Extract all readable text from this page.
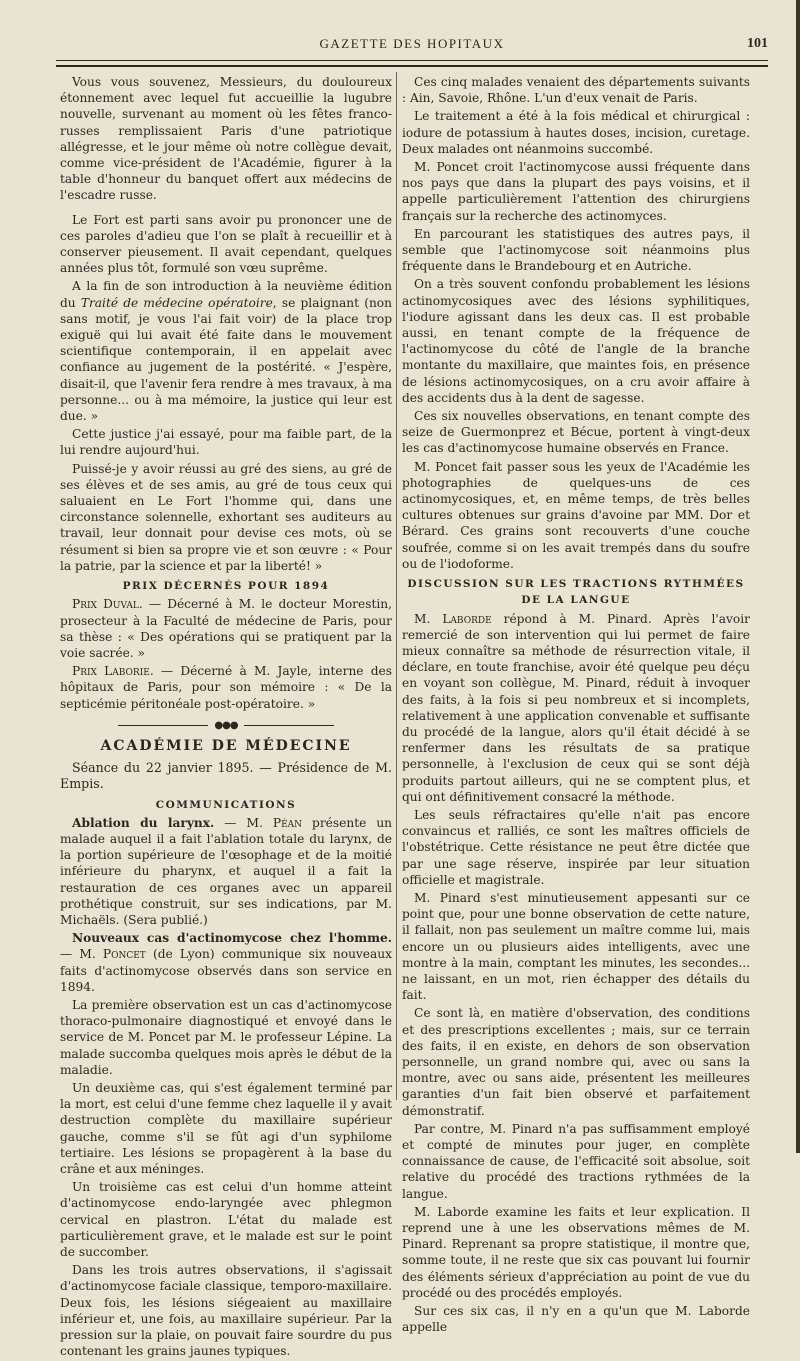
GAZETTE DES HOPITAUX	101

Vous vous souvenez, Messieurs, du douloureux étonnement avec lequel fut accueillie la lugubre nouvelle, survenant au moment où les fêtes franco-russes remplissaient Paris d'une patriotique allégresse, et le jour même où notre collègue devait, comme vice-président de l'Académie, figurer à la table d'honneur du banquet offert aux médecins de l'escadre russe.

Le Fort est parti sans avoir pu prononcer une de ces paroles d'adieu que l'on se plaît à recueillir et à conserver pieusement. Il avait cependant, quelques années plus tôt, formulé son vœu suprême.

A la fin de son introduction à la neuvième édition du Traité de médecine opératoire, se plaignant (non sans motif, je vous l'ai fait voir) de la place trop exiguë qui lui avait été faite dans le mouvement scientifique contemporain, il en appelait avec confiance au jugement de la postérité. « J'espère, disait-il, que l'avenir fera rendre à mes travaux, à ma personne... ou à ma mémoire, la justice qui leur est due. »

Cette justice j'ai essayé, pour ma faible part, de la lui rendre aujourd'hui.

Puissé-je y avoir réussi au gré des siens, au gré de ses élèves et de ses amis, au gré de tous ceux qui saluaient en Le Fort l'homme qui, dans une circonstance solennelle, exhortant ses auditeurs au travail, leur donnait pour devise ces mots, où se résument si bien sa propre vie et son œuvre : « Pour la patrie, par la science et par la liberté! »

PRIX DÉCERNÉS POUR 1894

Prix Duval. — Décerné à M. le docteur Morestin, prosecteur à la Faculté de médecine de Paris, pour sa thèse : « Des opérations qui se pratiquent par la voie sacrée. »

Prix Laborie. — Décerné à M. Jayle, interne des hôpitaux de Paris, pour son mémoire : « De la septicémie péritonéale post-opératoire. »

●●●
ACADÉMIE DE MÉDECINE

Séance du 22 janvier 1895. — Présidence de M. Empis.

COMMUNICATIONS

Ablation du larynx. — M. Péan présente un malade auquel il a fait l'ablation totale du larynx, de la portion supérieure de l'œsophage et de la moitié inférieure du pharynx, et auquel il a fait la restauration de ces organes avec un appareil prothétique construit, sur ses indications, par M. Michaëls. (Sera publié.)

Nouveaux cas d'actinomycose chez l'homme. — M. Poncet (de Lyon) communique six nouveaux faits d'actinomycose observés dans son service en 1894.

La première observation est un cas d'actinomycose thoraco-pulmonaire diagnostiqué et envoyé dans le service de M. Poncet par M. le professeur Lépine. La malade succomba quelques mois après le début de la maladie.

Un deuxième cas, qui s'est également terminé par la mort, est celui d'une femme chez laquelle il y avait destruction complète du maxillaire supérieur gauche, comme s'il se fût agi d'un syphilome tertiaire. Les lésions se propagèrent à la base du crâne et aux méninges.

Un troisième cas est celui d'un homme atteint d'actinomycose endo-laryngée avec phlegmon cervical en plastron. L'état du malade est particulièrement grave, et le malade est sur le point de succomber.

Dans les trois autres observations, il s'agissait d'actinomycose faciale classique, temporo-maxillaire. Deux fois, les lésions siégeaient au maxillaire inférieur et, une fois, au maxillaire supérieur. Par la pression sur la plaie, on pouvait faire sourdre du pus contenant les grains jaunes typiques.

Ces cinq malades venaient des départements suivants : Ain, Savoie, Rhône. L'un d'eux venait de Paris.

Le traitement a été à la fois médical et chirurgical : iodure de potassium à hautes doses, incision, curetage. Deux malades ont néanmoins succombé.

M. Poncet croit l'actinomycose aussi fréquente dans nos pays que dans la plupart des pays voisins, et il appelle particulièrement l'attention des chirurgiens français sur la recherche des actinomyces.

En parcourant les statistiques des autres pays, il semble que l'actinomycose soit néanmoins plus fréquente dans le Brandebourg et en Autriche.

On a très souvent confondu probablement les lésions actinomycosiques avec des lésions syphilitiques, l'iodure agissant dans les deux cas. Il est probable aussi, en tenant compte de la fréquence de l'actinomycose du côté de l'angle de la branche montante du maxillaire, que maintes fois, en présence de lésions actinomycosiques, on a cru avoir affaire à des accidents dus à la dent de sagesse.

Ces six nouvelles observations, en tenant compte des seize de Guermonprez et Bécue, portent à vingt-deux les cas d'actinomycose humaine observés en France.

M. Poncet fait passer sous les yeux de l'Académie les photographies de quelques-uns de ces actinomycosiques, et, en même temps, de très belles cultures obtenues sur grains d'avoine par MM. Dor et Bérard. Ces grains sont recouverts d'une couche soufrée, comme si on les avait trempés dans du soufre ou de l'iodoforme.

DISCUSSION SUR LES TRACTIONS RYTHMÉES
DE LA LANGUE

M. Laborde répond à M. Pinard. Après l'avoir remercié de son intervention qui lui permet de faire mieux connaître sa méthode de résurrection vitale, il déclare, en toute franchise, avoir été quelque peu déçu en voyant son collègue, M. Pinard, réduit à invoquer des faits, à la fois si peu nombreux et si incomplets, relativement à une application convenable et suffisante du procédé de la langue, alors qu'il était décidé à se renfermer dans les résultats de sa pratique personnelle, à l'exclusion de ceux qui se sont déjà produits partout ailleurs, qui ne se comptent plus, et qui ont définitivement consacré la méthode.

Les seuls réfractaires qu'elle n'ait pas encore convaincus et ralliés, ce sont les maîtres officiels de l'obstétrique. Cette résistance ne peut être dictée que par une sage réserve, inspirée par leur situation officielle et magistrale.

M. Pinard s'est minutieusement appesanti sur ce point que, pour une bonne observation de cette nature, il fallait, non pas seulement un maître comme lui, mais encore un ou plusieurs aides intelligents, avec une montre à la main, comptant les minutes, les secondes... ne laissant, en un mot, rien échapper des détails du fait.

Ce sont là, en matière d'observation, des conditions et des prescriptions excellentes ; mais, sur ce terrain des faits, il en existe, en dehors de son observation personnelle, un grand nombre qui, avec ou sans la montre, avec ou sans aide, présentent les meilleures garanties d'un fait bien observé et parfaitement démonstratif.

Par contre, M. Pinard n'a pas suffisamment employé et compté de minutes pour juger, en complète connaissance de cause, de l'efficacité soit absolue, soit relative du procédé des tractions rythmées de la langue.

M. Laborde examine les faits et leur explication. Il reprend une à une les observations mêmes de M. Pinard. Reprenant sa propre statistique, il montre que, somme toute, il ne reste que six cas pouvant lui fournir des éléments sérieux d'appréciation au point de vue du procédé ou des procédés employés.

Sur ces six cas, il n'y en a qu'un que M. Laborde appelle
